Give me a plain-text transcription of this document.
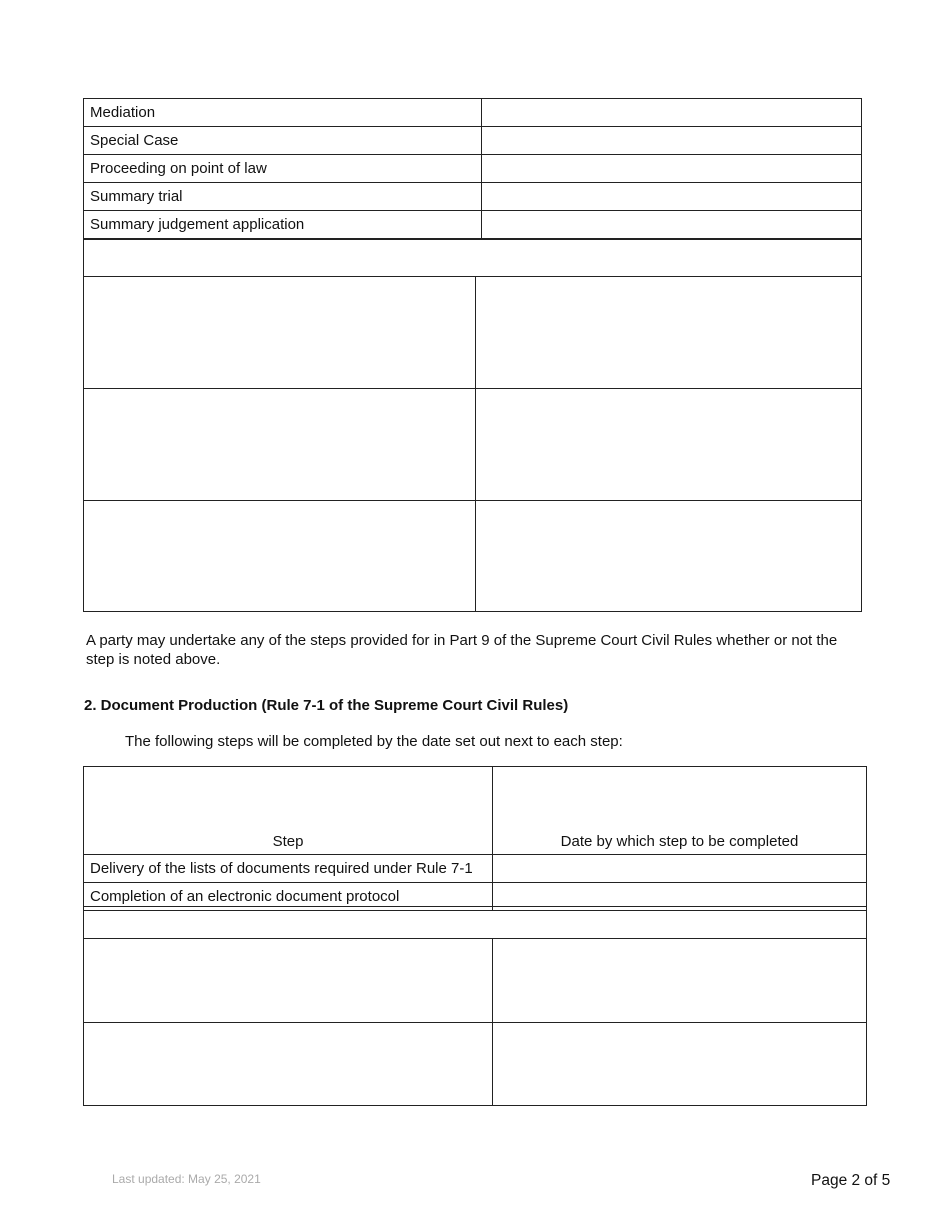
Mediation	
Special Case	
Proceeding on point of law	
Summary trial	
Summary judgement application	
A party may undertake any of the steps provided for in Part 9 of the Supreme Court Civil Rules whether or not the step is noted above.
2. Document Production (Rule 7-1 of the Supreme Court Civil Rules)
The following steps will be completed by the date set out next to each step:
Step	Date by which step to be completed
Delivery of the lists of documents required under Rule 7-1	
Completion of an electronic document protocol	
Last updated: May 25, 2021	Page 2 of 5
